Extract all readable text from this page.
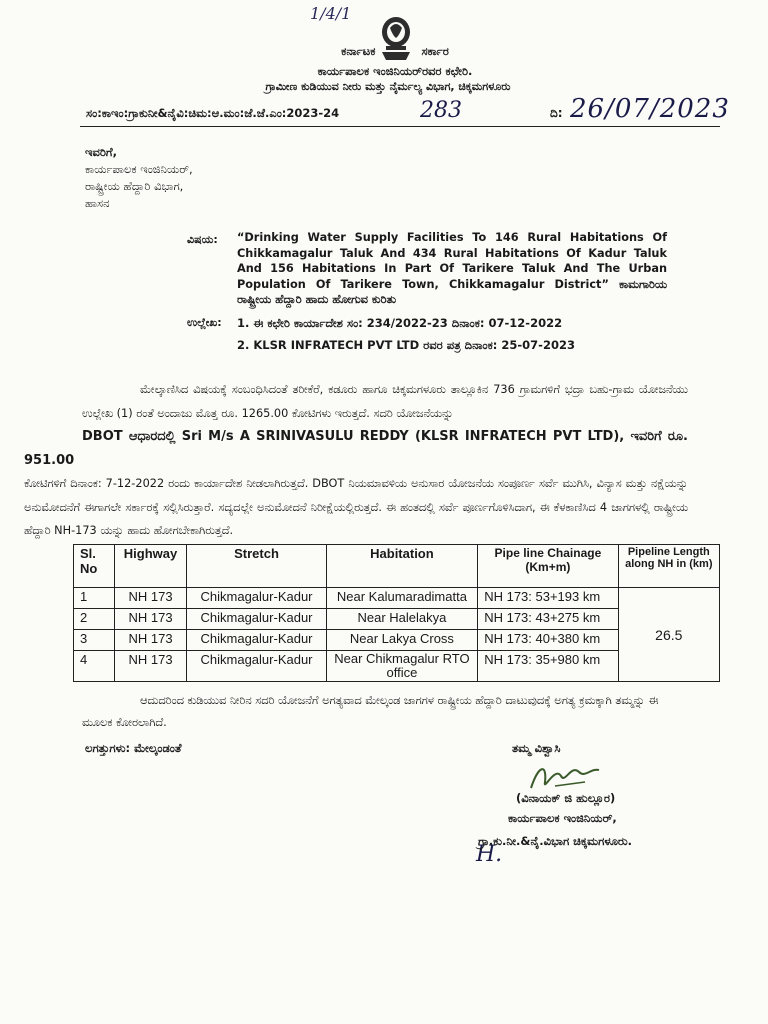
1/4/1
ಕರ್ನಾಟಕ	ಸರ್ಕಾರ
ಕಾರ್ಯಪಾಲಕ ಇಂಜಿನಿಯರ್‌ರವರ ಕಛೇರಿ.
ಗ್ರಾಮೀಣ ಕುಡಿಯುವ ನೀರು ಮತ್ತು ನೈರ್ಮಲ್ಯ ವಿಭಾಗ, ಚಿಕ್ಕಮಗಳೂರು
ಸಂ:ಕಾಇಂ:ಗ್ರಾಕುನೀ&ನೈವಿ:ಚಿಮ:ಆ.ಮಂ:ಜೆ.ಜೆ.ಎಂ:2023-24	283	ದಿ: 26/07/2023
ಇವರಿಗೆ,
ಕಾರ್ಯಪಾಲಕ ಇಂಜಿನಿಯರ್,
ರಾಷ್ಟ್ರೀಯ ಹೆದ್ದಾರಿ ವಿಭಾಗ,
ಹಾಸನ
ವಿಷಯ: “Drinking Water Supply Facilities To 146 Rural Habitations Of Chikkamagalur Taluk And 434 Rural Habitations Of Kadur Taluk And 156 Habitations In Part Of Tarikere Taluk And The Urban Population Of Tarikere Town, Chikkamagalur District” ಕಾಮಗಾರಿಯ ರಾಷ್ಟ್ರೀಯ ಹೆದ್ದಾರಿ ಹಾದು ಹೋಗುವ ಕುರಿತು
ಉಲ್ಲೇಖ: 1. ಈ ಕಛೇರಿ ಕಾರ್ಯಾದೇಶ ಸಂ: 234/2022-23 ದಿನಾಂಕ: 07-12-2022
2. KLSR INFRATECH PVT LTD ರವರ ಪತ್ರ ದಿನಾಂಕ: 25-07-2023

ಮೇಲ್ಕಾಣಿಸಿದ ವಿಷಯಕ್ಕೆ ಸಂಬಂಧಿಸಿದಂತೆ ತರೀಕೆರೆ, ಕಡೂರು ಹಾಗೂ ಚಿಕ್ಕಮಗಳೂರು ತಾಲ್ಲೂಕಿನ 736 ಗ್ರಾಮಗಳಿಗೆ ಭದ್ರಾ ಬಹು-ಗ್ರಾಮ ಯೋಜನೆಯು ಉಲ್ಲೇಖ (1) ರಂತೆ ಅಂದಾಜು ಮೊತ್ತ ರೂ. 1265.00 ಕೋಟಿಗಳು ಇರುತ್ತದೆ. ಸದರಿ ಯೋಜನೆಯನ್ನು
DBOT ಆಧಾರದಲ್ಲಿ Sri M/s A SRINIVASULU REDDY (KLSR INFRATECH PVT LTD), ಇವರಿಗೆ ರೂ. 951.00
ಕೋಟಿಗಳಿಗೆ ದಿನಾಂಕ: 7-12-2022 ರಂದು ಕಾರ್ಯಾದೇಶ ನೀಡಲಾಗಿರುತ್ತದೆ. DBOT ನಿಯಮಾವಳಿಯ ಅನುಸಾರ ಯೋಜನೆಯ ಸಂಪೂರ್ಣ ಸರ್ವೆ ಮುಗಿಸಿ, ವಿನ್ಯಾಸ ಮತ್ತು ನಕ್ಷೆಯನ್ನು ಅನುಮೋದನೆಗೆ ಈಗಾಗಲೇ ಸರ್ಕಾರಕ್ಕೆ ಸಲ್ಲಿಸಿರುತ್ತಾರೆ. ಸದ್ಯದಲ್ಲೇ ಅನುಮೋದನೆ ನಿರೀಕ್ಷೆಯಲ್ಲಿರುತ್ತದೆ. ಈ ಹಂತದಲ್ಲಿ ಸರ್ವೆ ಪೂರ್ಣಗೊಳಿಸಿದಾಗ, ಈ ಕೆಳಕಾಣಿಸಿದ 4 ಜಾಗಗಳಲ್ಲಿ ರಾಷ್ಟ್ರೀಯ ಹೆದ್ದಾರಿ NH-173 ಯನ್ನು ಹಾದು ಹೋಗಬೇಕಾಗಿರುತ್ತದೆ.

Sl. No	Highway	Stretch	Habitation	Pipe line Chainage (Km+m)	Pipeline Length along NH in (km)
1	NH 173	Chikmagalur-Kadur	Near Kalumaradimatta	NH 173: 53+193 km	26.5
2	NH 173	Chikmagalur-Kadur	Near Halelakya	NH 173: 43+275 km	
3	NH 173	Chikmagalur-Kadur	Near Lakya Cross	NH 173: 40+380 km	
4	NH 173	Chikmagalur-Kadur	Near Chikmagalur RTO office	NH 173: 35+980 km	

ಆದುದರಿಂದ ಕುಡಿಯುವ ನೀರಿನ ಸದರಿ ಯೋಜನೆಗೆ ಅಗತ್ಯವಾದ ಮೇಲ್ಕಂಡ ಜಾಗಗಳ ರಾಷ್ಟ್ರೀಯ ಹೆದ್ದಾರಿ ದಾಟುವುದಕ್ಕೆ ಅಗತ್ಯ ಕ್ರಮಕ್ಕಾಗಿ ತಮ್ಮನ್ನು ಈ ಮೂಲಕ ಕೋರಲಾಗಿದೆ.

ಲಗತ್ತುಗಳು: ಮೇಲ್ಕಂಡಂತೆ	ತಮ್ಮ ವಿಶ್ವಾಸಿ
(ವಿನಾಯಕ್ ಜಿ ಹುಲ್ಲೂರ)
ಕಾರ್ಯಪಾಲಕ ಇಂಜಿನಿಯರ್,
H.
ಗ್ರಾ.ಕು.ನೀ.&ನೈ.ವಿಭಾಗ ಚಿಕ್ಕಮಗಳೂರು.
